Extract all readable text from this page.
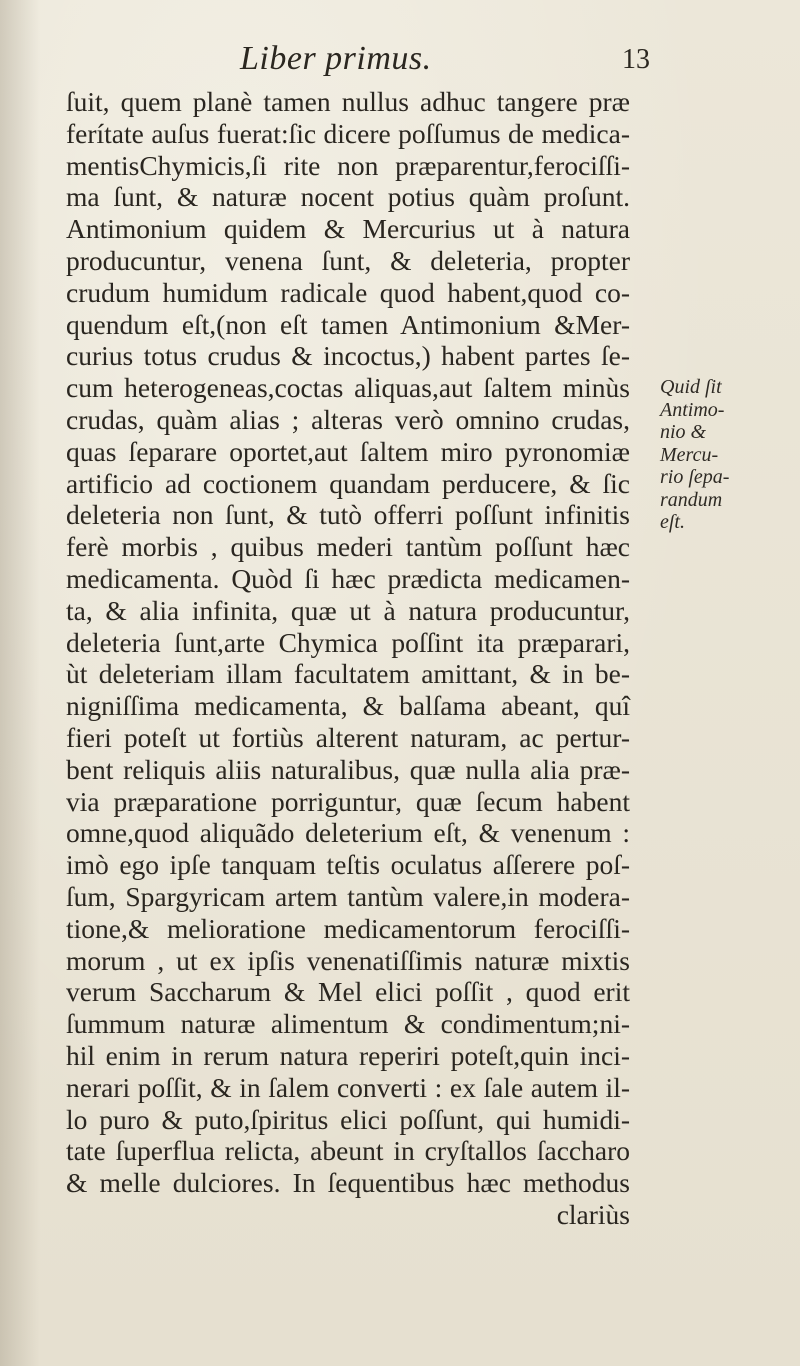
Liber primus.	13
ſuit, quem planè tamen nullus adhuc tangere præ
ferítate auſus fuerat:ſic dicere poſſumus de medica-
mentisChymicis,ſi rite non præparentur,ferociſſi-
ma ſunt, & naturæ nocent potius quàm proſunt.
Antimonium quidem & Mercurius ut à natura
producuntur, venena ſunt, & deleteria, propter
crudum humidum radicale quod habent,quod co-
quendum eſt,(non eſt tamen Antimonium &Mer-
curius totus crudus & incoctus,) habent partes ſe-
cum heterogeneas,coctas aliquas,aut ſaltem minùs
crudas, quàm alias ; alteras verò omnino crudas,
quas ſeparare oportet,aut ſaltem miro pyronomiæ
artificio ad coctionem quandam perducere, & ſic
deleteria non ſunt, & tutò offerri poſſunt infinitis
ferè morbis , quibus mederi tantùm poſſunt hæc
medicamenta. Quòd ſi hæc prædicta medicamen-
ta, & alia infinita, quæ ut à natura producuntur,
deleteria ſunt,arte Chymica poſſint ita præparari,
ùt deleteriam illam facultatem amittant, & in be-
nigniſſima medicamenta, & balſama abeant, quî
fieri poteſt ut fortiùs alterent naturam, ac pertur-
bent reliquis aliis naturalibus, quæ nulla alia præ-
via præparatione porriguntur, quæ ſecum habent
omne,quod aliquãdo deleterium eſt, & venenum :
imò ego ipſe tanquam teſtis oculatus aſſerere poſ-
ſum, Spargyricam artem tantùm valere,in modera-
tione,& melioratione medicamentorum ferociſſi-
morum , ut ex ipſis venenatiſſimis naturæ mixtis
verum Saccharum & Mel elici poſſit , quod erit
ſummum naturæ alimentum & condimentum;ni-
hil enim in rerum natura reperiri poteſt,quin inci-
nerari poſſit, & in ſalem converti : ex ſale autem il-
lo puro & puto,ſpiritus elici poſſunt, qui humidi-
tate ſuperflua relicta, abeunt in cryſtallos ſaccharo
& melle dulciores. In ſequentibus hæc methodus
clariùs
Quid ſit
Antimo-
nio &
Mercu-
rio ſepa-
randum
eſt.
